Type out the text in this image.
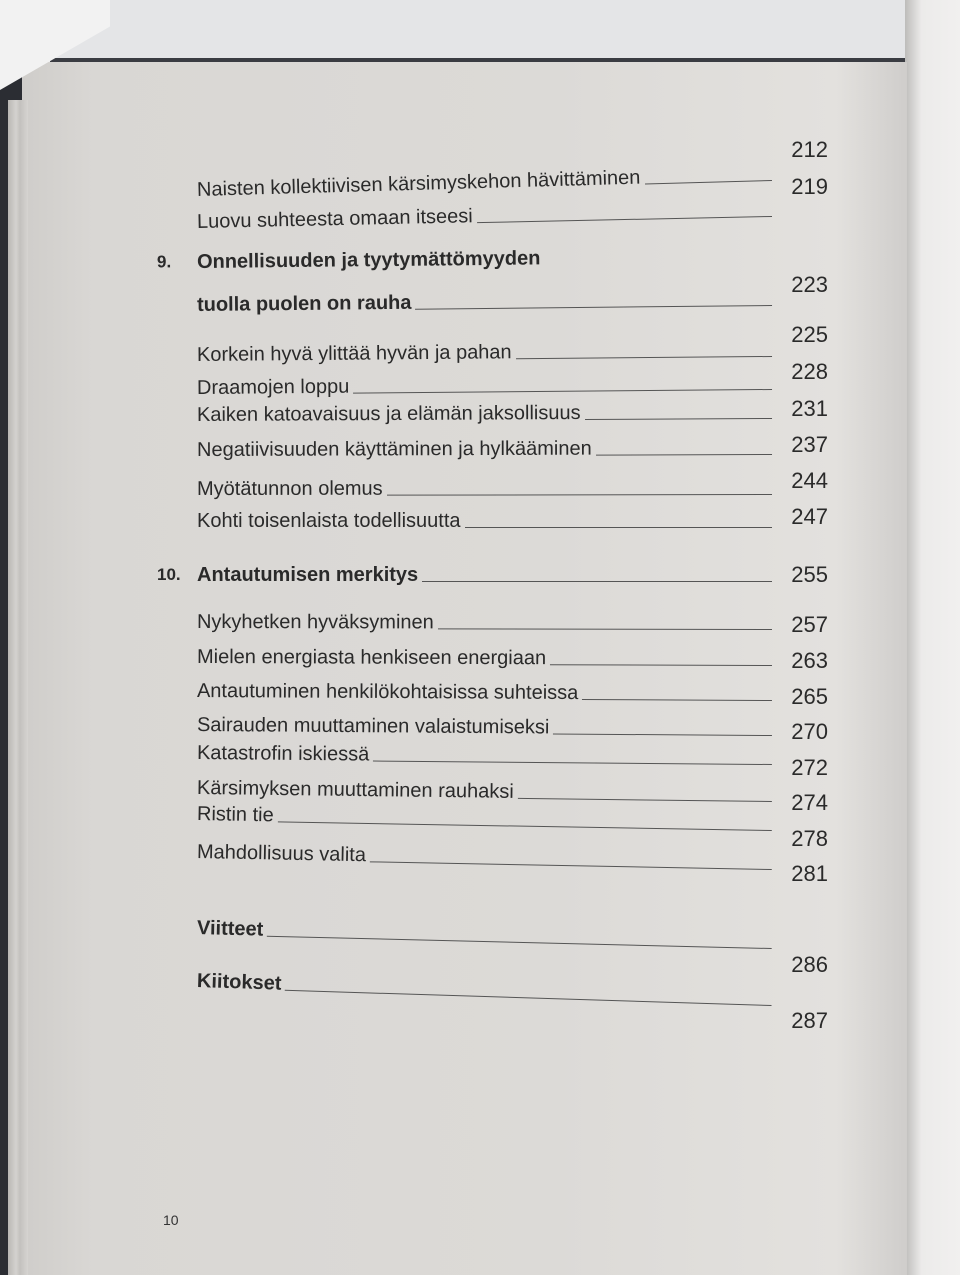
212
Naisten kollektiivisen kärsimyskehon hävittäminen	219
Luovu suhteesta omaan itseesi
9. Onnellisuuden ja tyytymättömyyden
223
tuolla puolen on rauha
225
Korkein hyvä ylittää hyvän ja pahan
228
Draamojen loppu
231
Kaiken katoavaisuus ja elämän jaksollisuus
237
Negatiivisuuden käyttäminen ja hylkääminen
244
Myötätunnon olemus
247
Kohti toisenlaista todellisuutta
255
10. Antautumisen merkitys
257
Nykyhetken hyväksyminen
263
Mielen energiasta henkiseen energiaan
265
Antautuminen henkilökohtaisissa suhteissa
270
Sairauden muuttaminen valaistumiseksi
272
Katastrofin iskiessä
274
Kärsimyksen muuttaminen rauhaksi
278
Ristin tie
281
Mahdollisuus valita
286
Viitteet
287
Kiitokset
10
